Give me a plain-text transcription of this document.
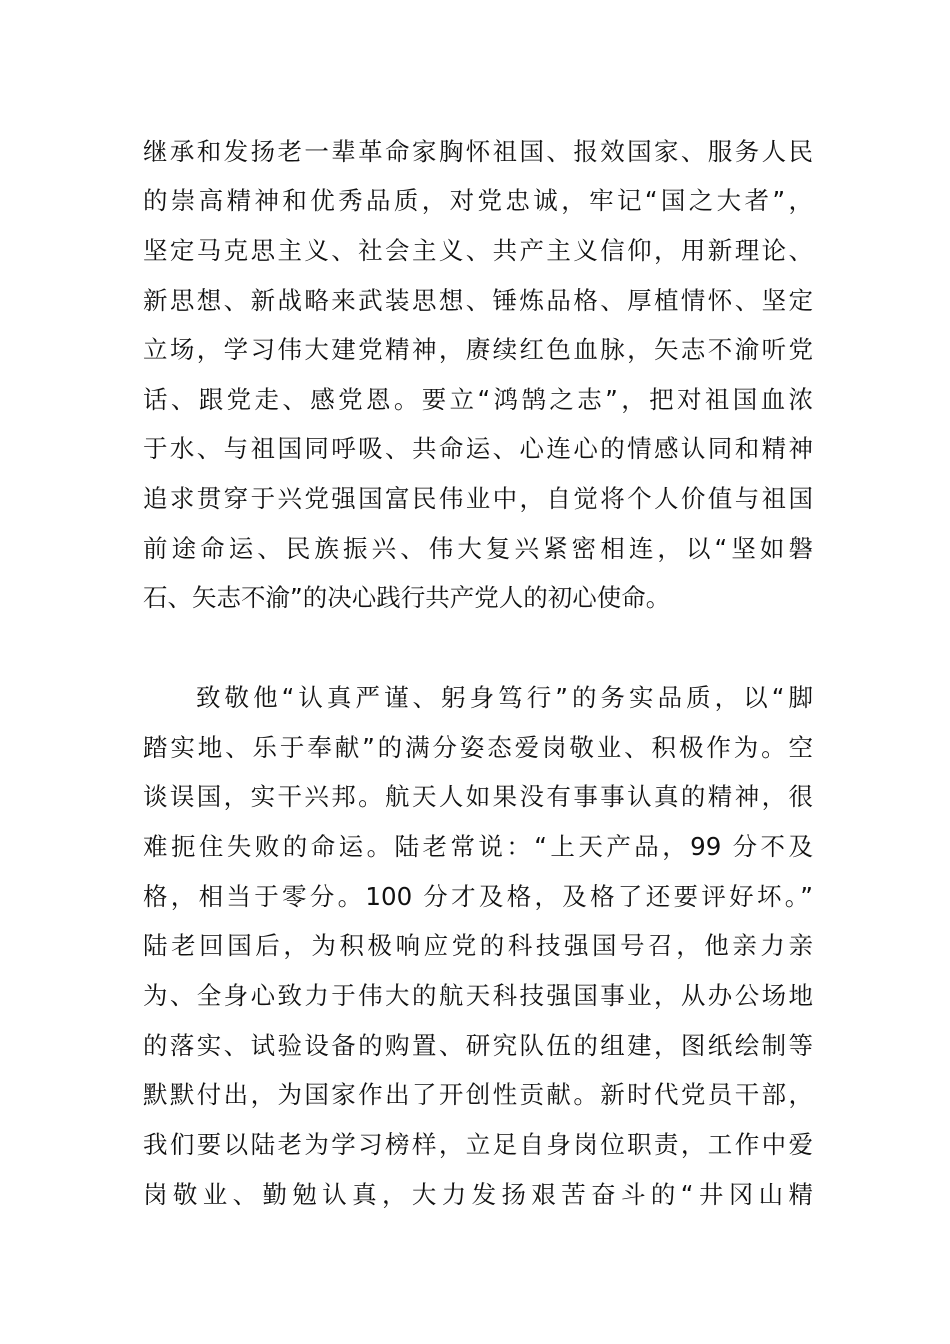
继承和发扬老一辈革命家胸怀祖国、报效国家、服务人民
的崇高精神和优秀品质，对党忠诚，牢记“国之大者”，
坚定马克思主义、社会主义、共产主义信仰，用新理论、
新思想、新战略来武装思想、锤炼品格、厚植情怀、坚定
立场，学习伟大建党精神，赓续红色血脉，矢志不渝听党
话、跟党走、感党恩。要立“鸿鹄之志”，把对祖国血浓
于水、与祖国同呼吸、共命运、心连心的情感认同和精神
追求贯穿于兴党强国富民伟业中，自觉将个人价值与祖国
前途命运、民族振兴、伟大复兴紧密相连，以“坚如磐
石、矢志不渝”的决心践行共产党人的初心使命。
致敬他“认真严谨、躬身笃行”的务实品质，以“脚
踏实地、乐于奉献”的满分姿态爱岗敬业、积极作为。空
谈误国，实干兴邦。航天人如果没有事事认真的精神，很
难扼住失败的命运。陆老常说：“上天产品，99 分不及
格，相当于零分。100 分才及格，及格了还要评好坏。”
陆老回国后，为积极响应党的科技强国号召，他亲力亲
为、全身心致力于伟大的航天科技强国事业，从办公场地
的落实、试验设备的购置、研究队伍的组建，图纸绘制等
默默付出，为国家作出了开创性贡献。新时代党员干部，
我们要以陆老为学习榜样，立足自身岗位职责，工作中爱
岗敬业、勤勉认真，大力发扬艰苦奋斗的“井冈山精
